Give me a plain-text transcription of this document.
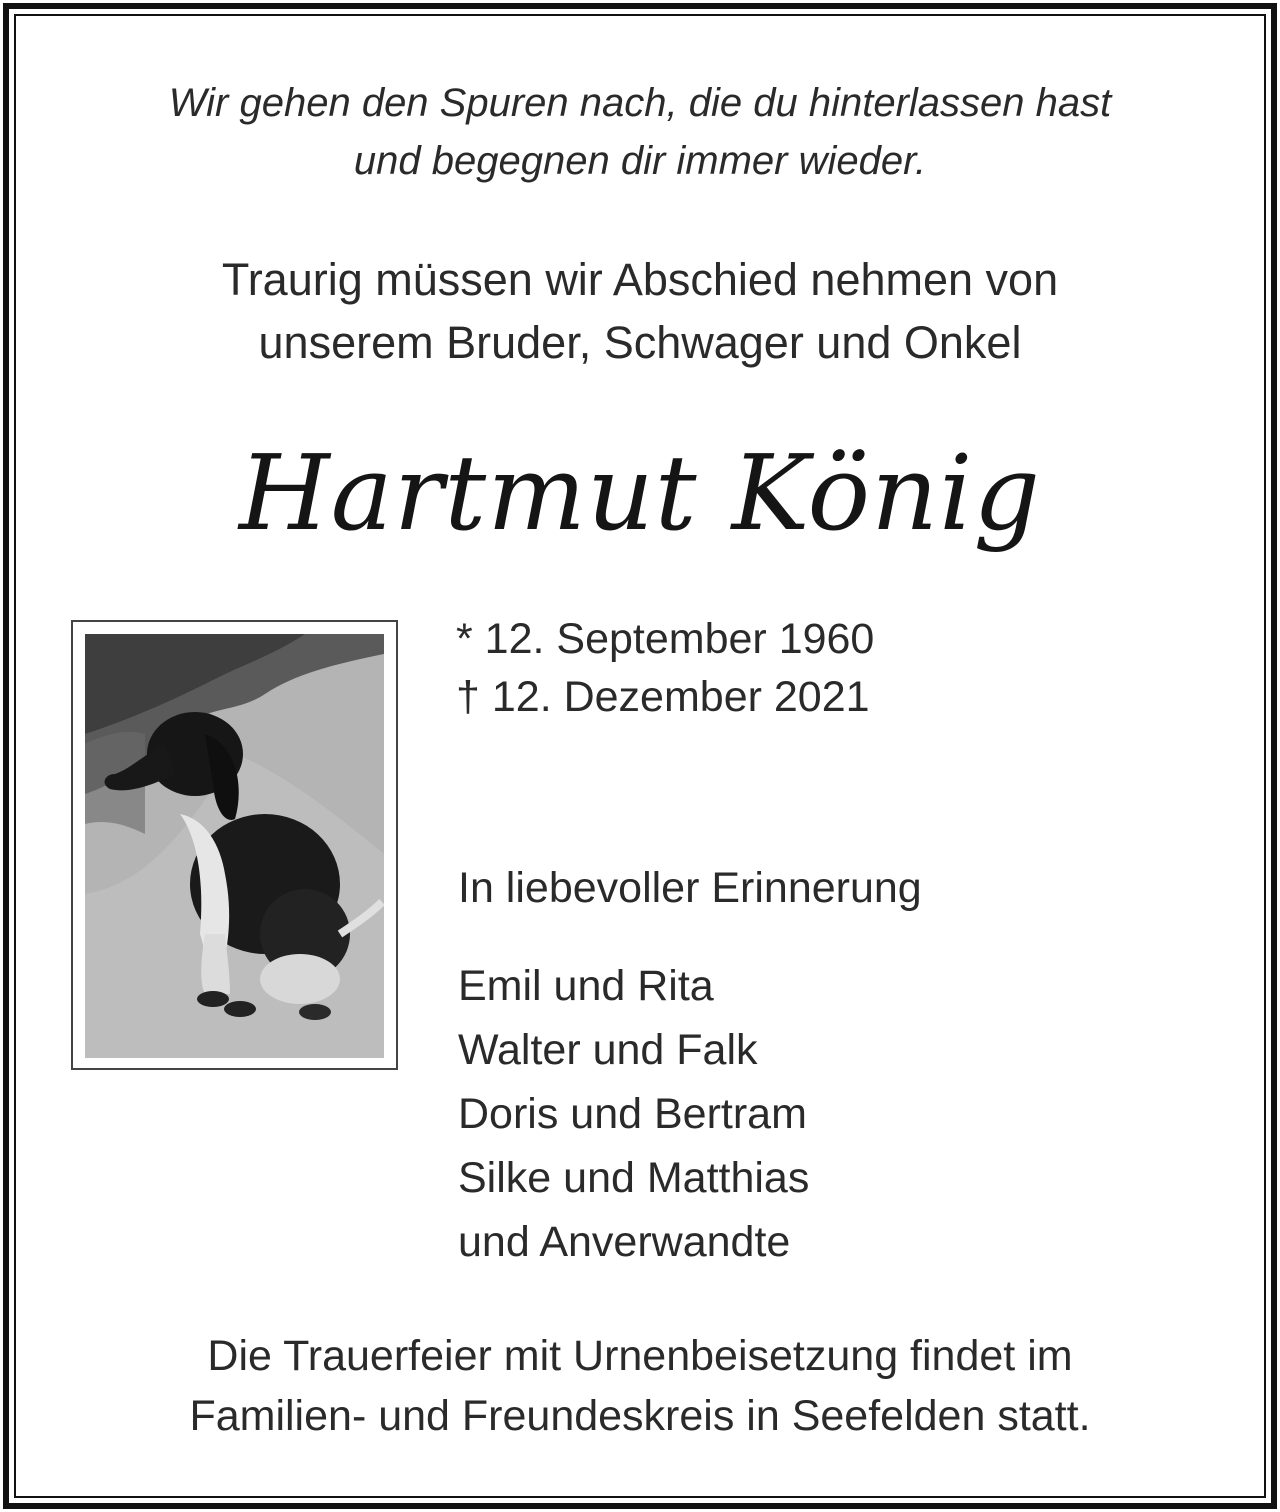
Wir gehen den Spuren nach, die du hinterlassen hast
und begegnen dir immer wieder.
Traurig müssen wir Abschied nehmen von
unserem Bruder, Schwager und Onkel
Hartmut König
* 12. September 1960
† 12. Dezember 2021
In liebevoller Erinnerung
Emil und Rita
Walter und Falk
Doris und Bertram
Silke und Matthias
und Anverwandte
Die Trauerfeier mit Urnenbeisetzung findet im
Familien- und Freundeskreis in Seefelden statt.
